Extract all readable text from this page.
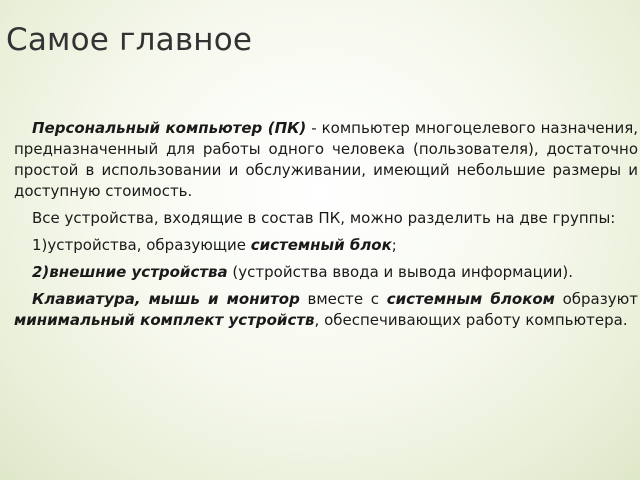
Самое главное

Персональный компьютер (ПК) - компьютер многоцелевого назначения, предназначенный для работы одного человека (пользователя), достаточно простой в использовании и обслуживании, имеющий небольшие размеры и доступную стоимость.

Все устройства, входящие в состав ПК, можно разделить на две группы:

1)устройства, образующие системный блок;

2)внешние устройства (устройства ввода и вывода информации).

Клавиатура, мышь и монитор вместе с системным блоком образуют минимальный комплект устройств, обеспечивающих работу компьютера.
